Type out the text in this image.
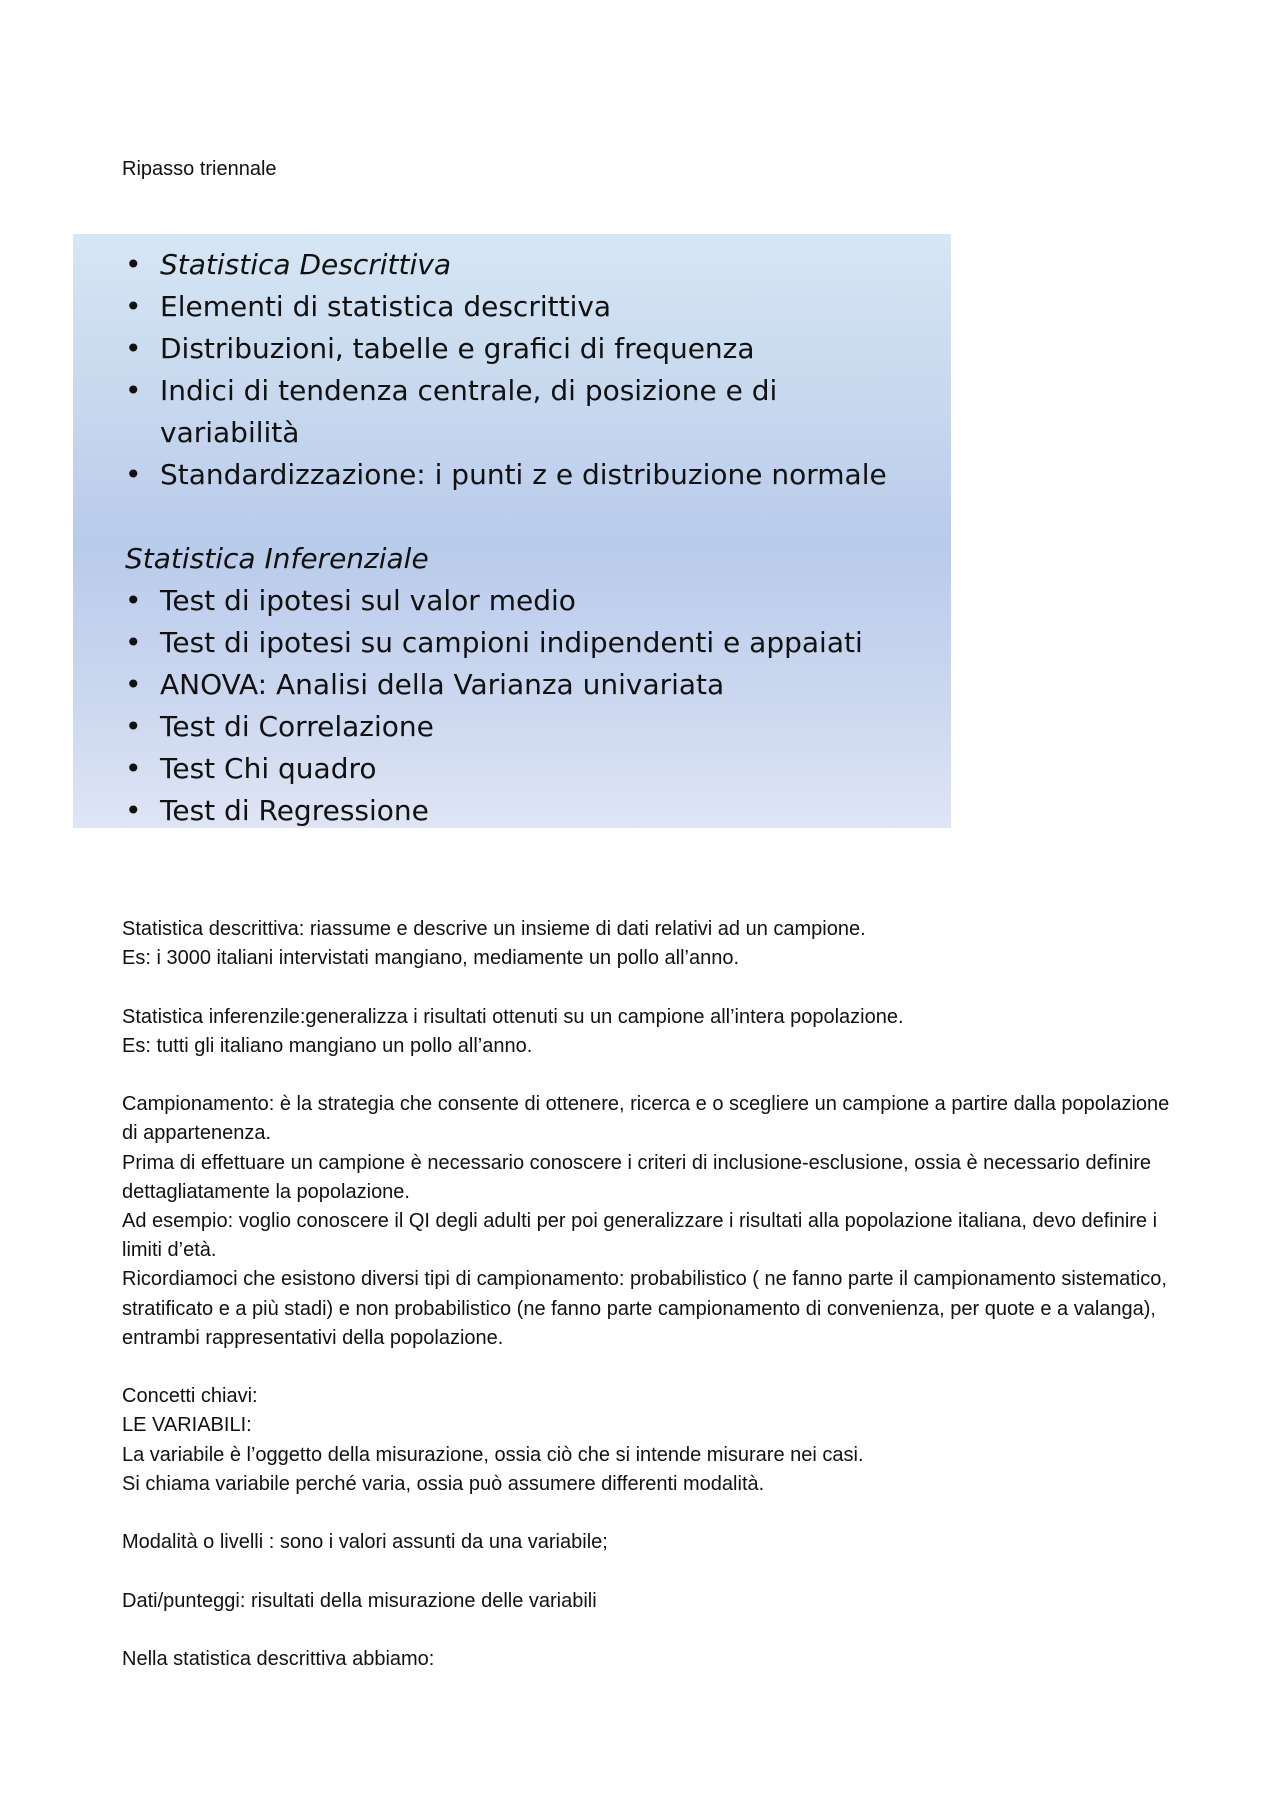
Ripasso triennale
• Statistica Descrittiva
• Elementi di statistica descrittiva
• Distribuzioni, tabelle e grafici di frequenza
• Indici di tendenza centrale, di posizione e di variabilità
• Standardizzazione: i punti z e distribuzione normale
Statistica Inferenziale
• Test di ipotesi sul valor medio
• Test di ipotesi su campioni indipendenti e appaiati
• ANOVA: Analisi della Varianza univariata
• Test di Correlazione
• Test Chi quadro
• Test di Regressione

Statistica descrittiva: riassume e descrive un insieme di dati relativi ad un campione.

Es: i 3000 italiani intervistati mangiano, mediamente un pollo all’anno.

Statistica inferenzile:generalizza i risultati ottenuti su un campione all’intera popolazione.

Es: tutti gli italiano mangiano un pollo all’anno.

Campionamento: è la strategia che consente di ottenere, ricerca e o scegliere un campione a partire dalla popolazione di appartenenza.

Prima di effettuare un campione è necessario conoscere i criteri di inclusione-esclusione, ossia è necessario definire dettagliatamente la popolazione.

Ad esempio: voglio conoscere il QI degli adulti per poi generalizzare i risultati alla popolazione italiana, devo definire i limiti d’età.

Ricordiamoci che esistono diversi tipi di campionamento: probabilistico ( ne fanno parte il campionamento sistematico, stratificato e a più stadi) e non probabilistico (ne fanno parte campionamento di convenienza, per quote e a valanga), entrambi rappresentativi della popolazione.

Concetti chiavi:

LE VARIABILI:

La variabile è l’oggetto della misurazione, ossia ciò che si intende misurare nei casi.

Si chiama variabile perché varia, ossia può assumere differenti modalità.

Modalità o livelli : sono i valori assunti da una variabile;

Dati/punteggi: risultati della misurazione delle variabili

Nella statistica descrittiva abbiamo:
